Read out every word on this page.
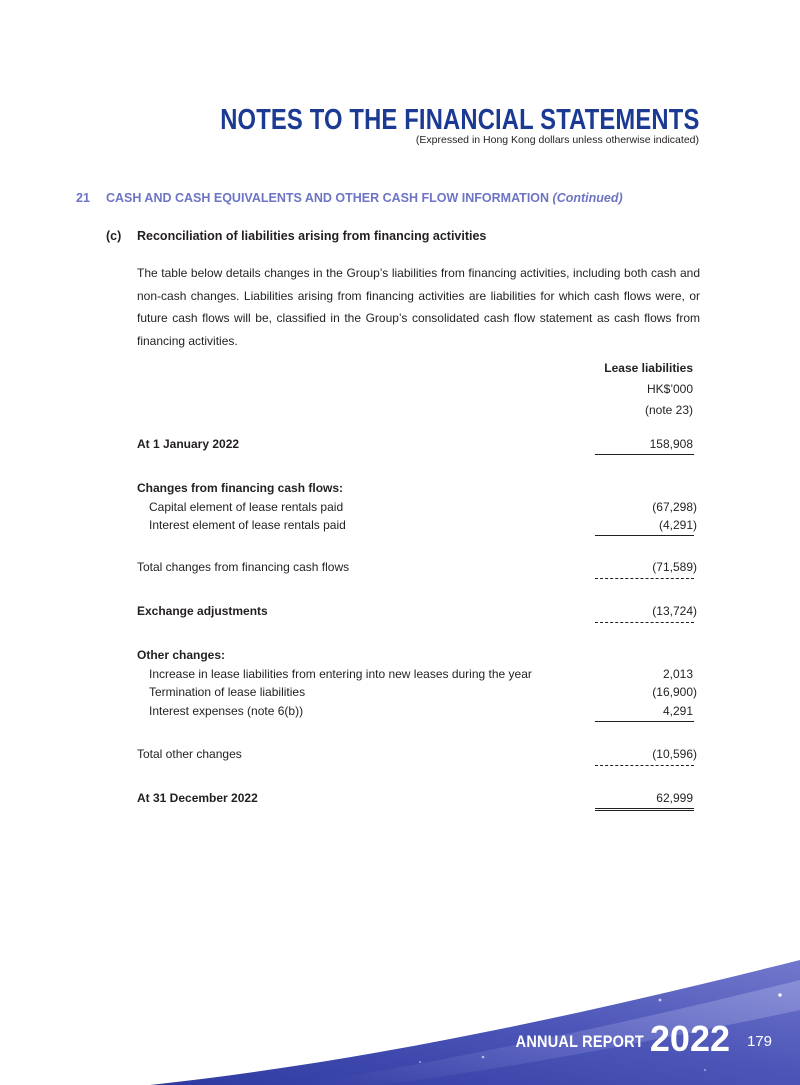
NOTES TO THE FINANCIAL STATEMENTS
(Expressed in Hong Kong dollars unless otherwise indicated)
21 CASH AND CASH EQUIVALENTS AND OTHER CASH FLOW INFORMATION (Continued)
(c) Reconciliation of liabilities arising from financing activities
The table below details changes in the Group’s liabilities from financing activities, including both cash and non-cash changes. Liabilities arising from financing activities are liabilities for which cash flows were, or future cash flows will be, classified in the Group’s consolidated cash flow statement as cash flows from financing activities.
Lease liabilities
HK$’000
(note 23)
At 1 January 2022	158,908
Changes from financing cash flows:
Capital element of lease rentals paid	(67,298)
Interest element of lease rentals paid	(4,291)
Total changes from financing cash flows	(71,589)
Exchange adjustments	(13,724)
Other changes:
Increase in lease liabilities from entering into new leases during the year	2,013
Termination of lease liabilities	(16,900)
Interest expenses (note 6(b))	4,291
Total other changes	(10,596)
At 31 December 2022	62,999
ANNUAL REPORT 2022 179
